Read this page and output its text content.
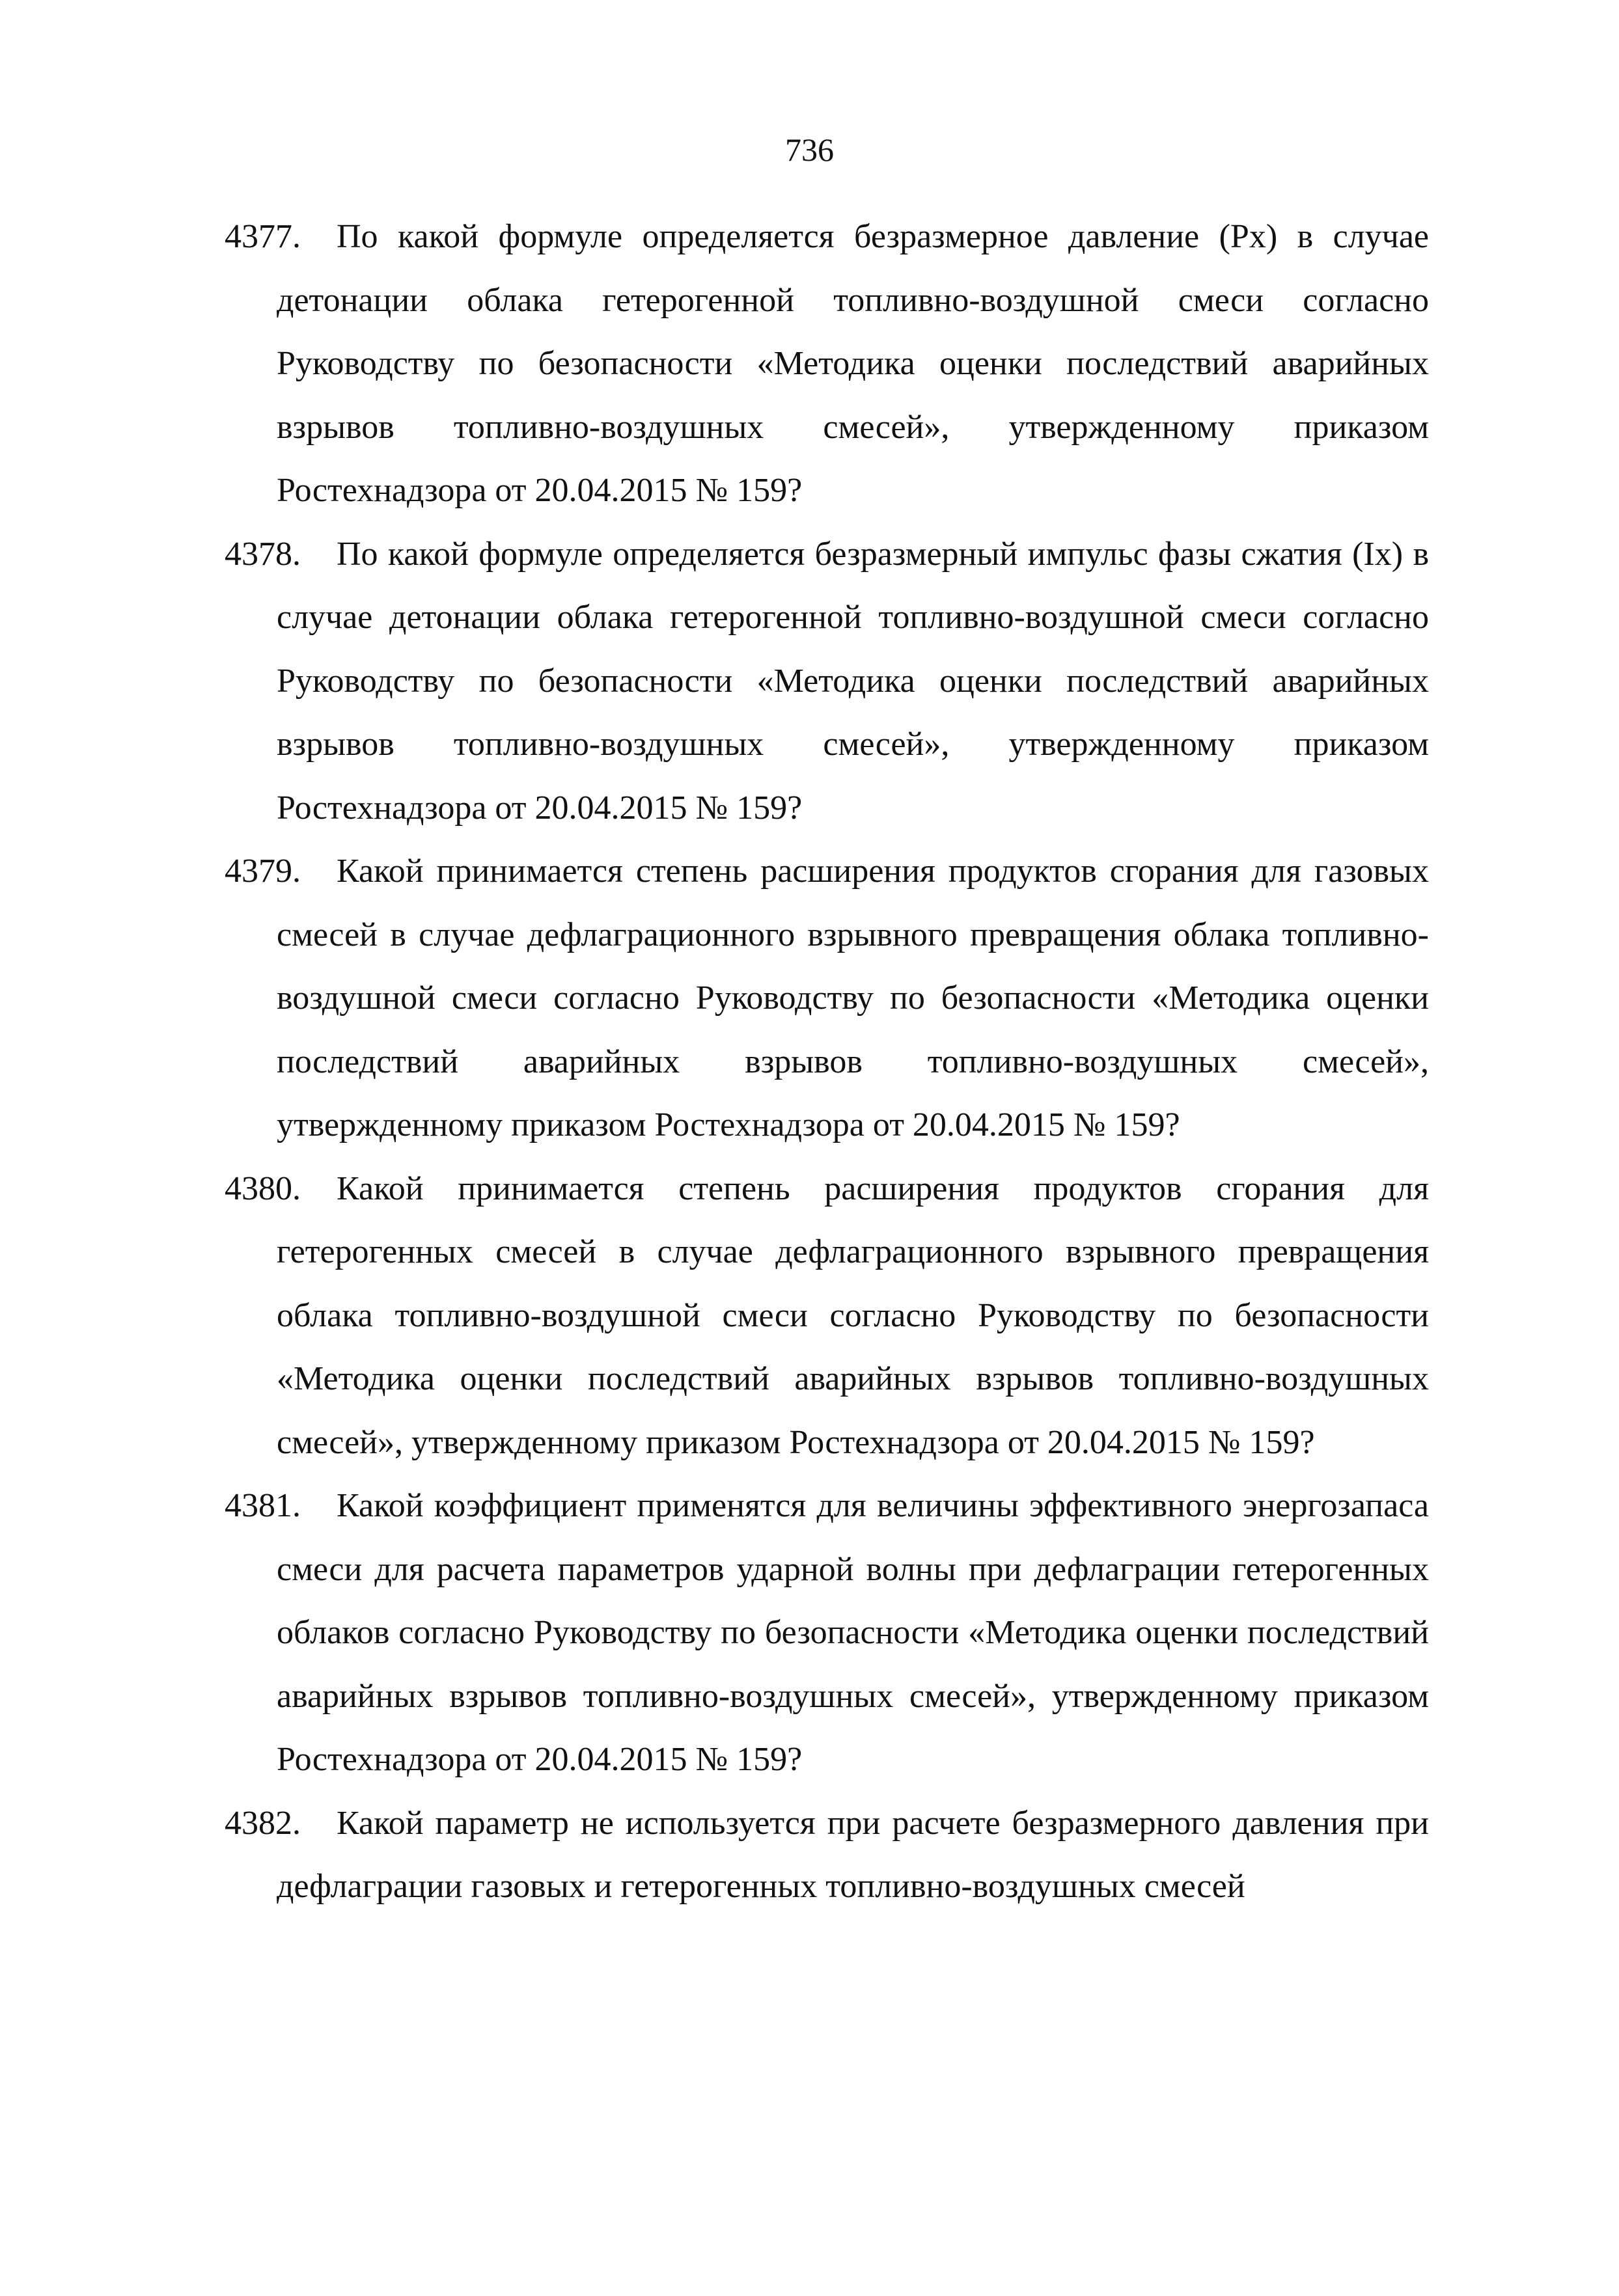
736
4377.	По какой формуле определяется безразмерное давление (Px) в случае детонации облака гетерогенной топливно-воздушной смеси согласно Руководству по безопасности «Методика оценки последствий аварийных взрывов топливно-воздушных смесей», утвержденному приказом Ростехнадзора от 20.04.2015 № 159?
4378.	По какой формуле определяется безразмерный импульс фазы сжатия (Ix) в случае детонации облака гетерогенной топливно-воздушной смеси согласно Руководству по безопасности «Методика оценки последствий аварийных взрывов топливно-воздушных смесей», утвержденному приказом Ростехнадзора от 20.04.2015 № 159?
4379.	Какой принимается степень расширения продуктов сгорания для газовых смесей в случае дефлаграционного взрывного превращения облака топливно-воздушной смеси согласно Руководству по безопасности «Методика оценки последствий аварийных взрывов топливно-воздушных смесей», утвержденному приказом Ростехнадзора от 20.04.2015 № 159?
4380.	Какой принимается степень расширения продуктов сгорания для гетерогенных смесей в случае дефлаграционного взрывного превращения облака топливно-воздушной смеси согласно Руководству по безопасности «Методика оценки последствий аварийных взрывов топливно-воздушных смесей», утвержденному приказом Ростехнадзора от 20.04.2015 № 159?
4381.	Какой коэффициент применятся для величины эффективного энергозапаса смеси для расчета параметров ударной волны при дефлаграции гетерогенных облаков согласно Руководству по безопасности «Методика оценки последствий аварийных взрывов топливно-воздушных смесей», утвержденному приказом Ростехнадзора от 20.04.2015 № 159?
4382.	Какой параметр не используется при расчете безразмерного давления при дефлаграции газовых и гетерогенных топливно-воздушных смесей
